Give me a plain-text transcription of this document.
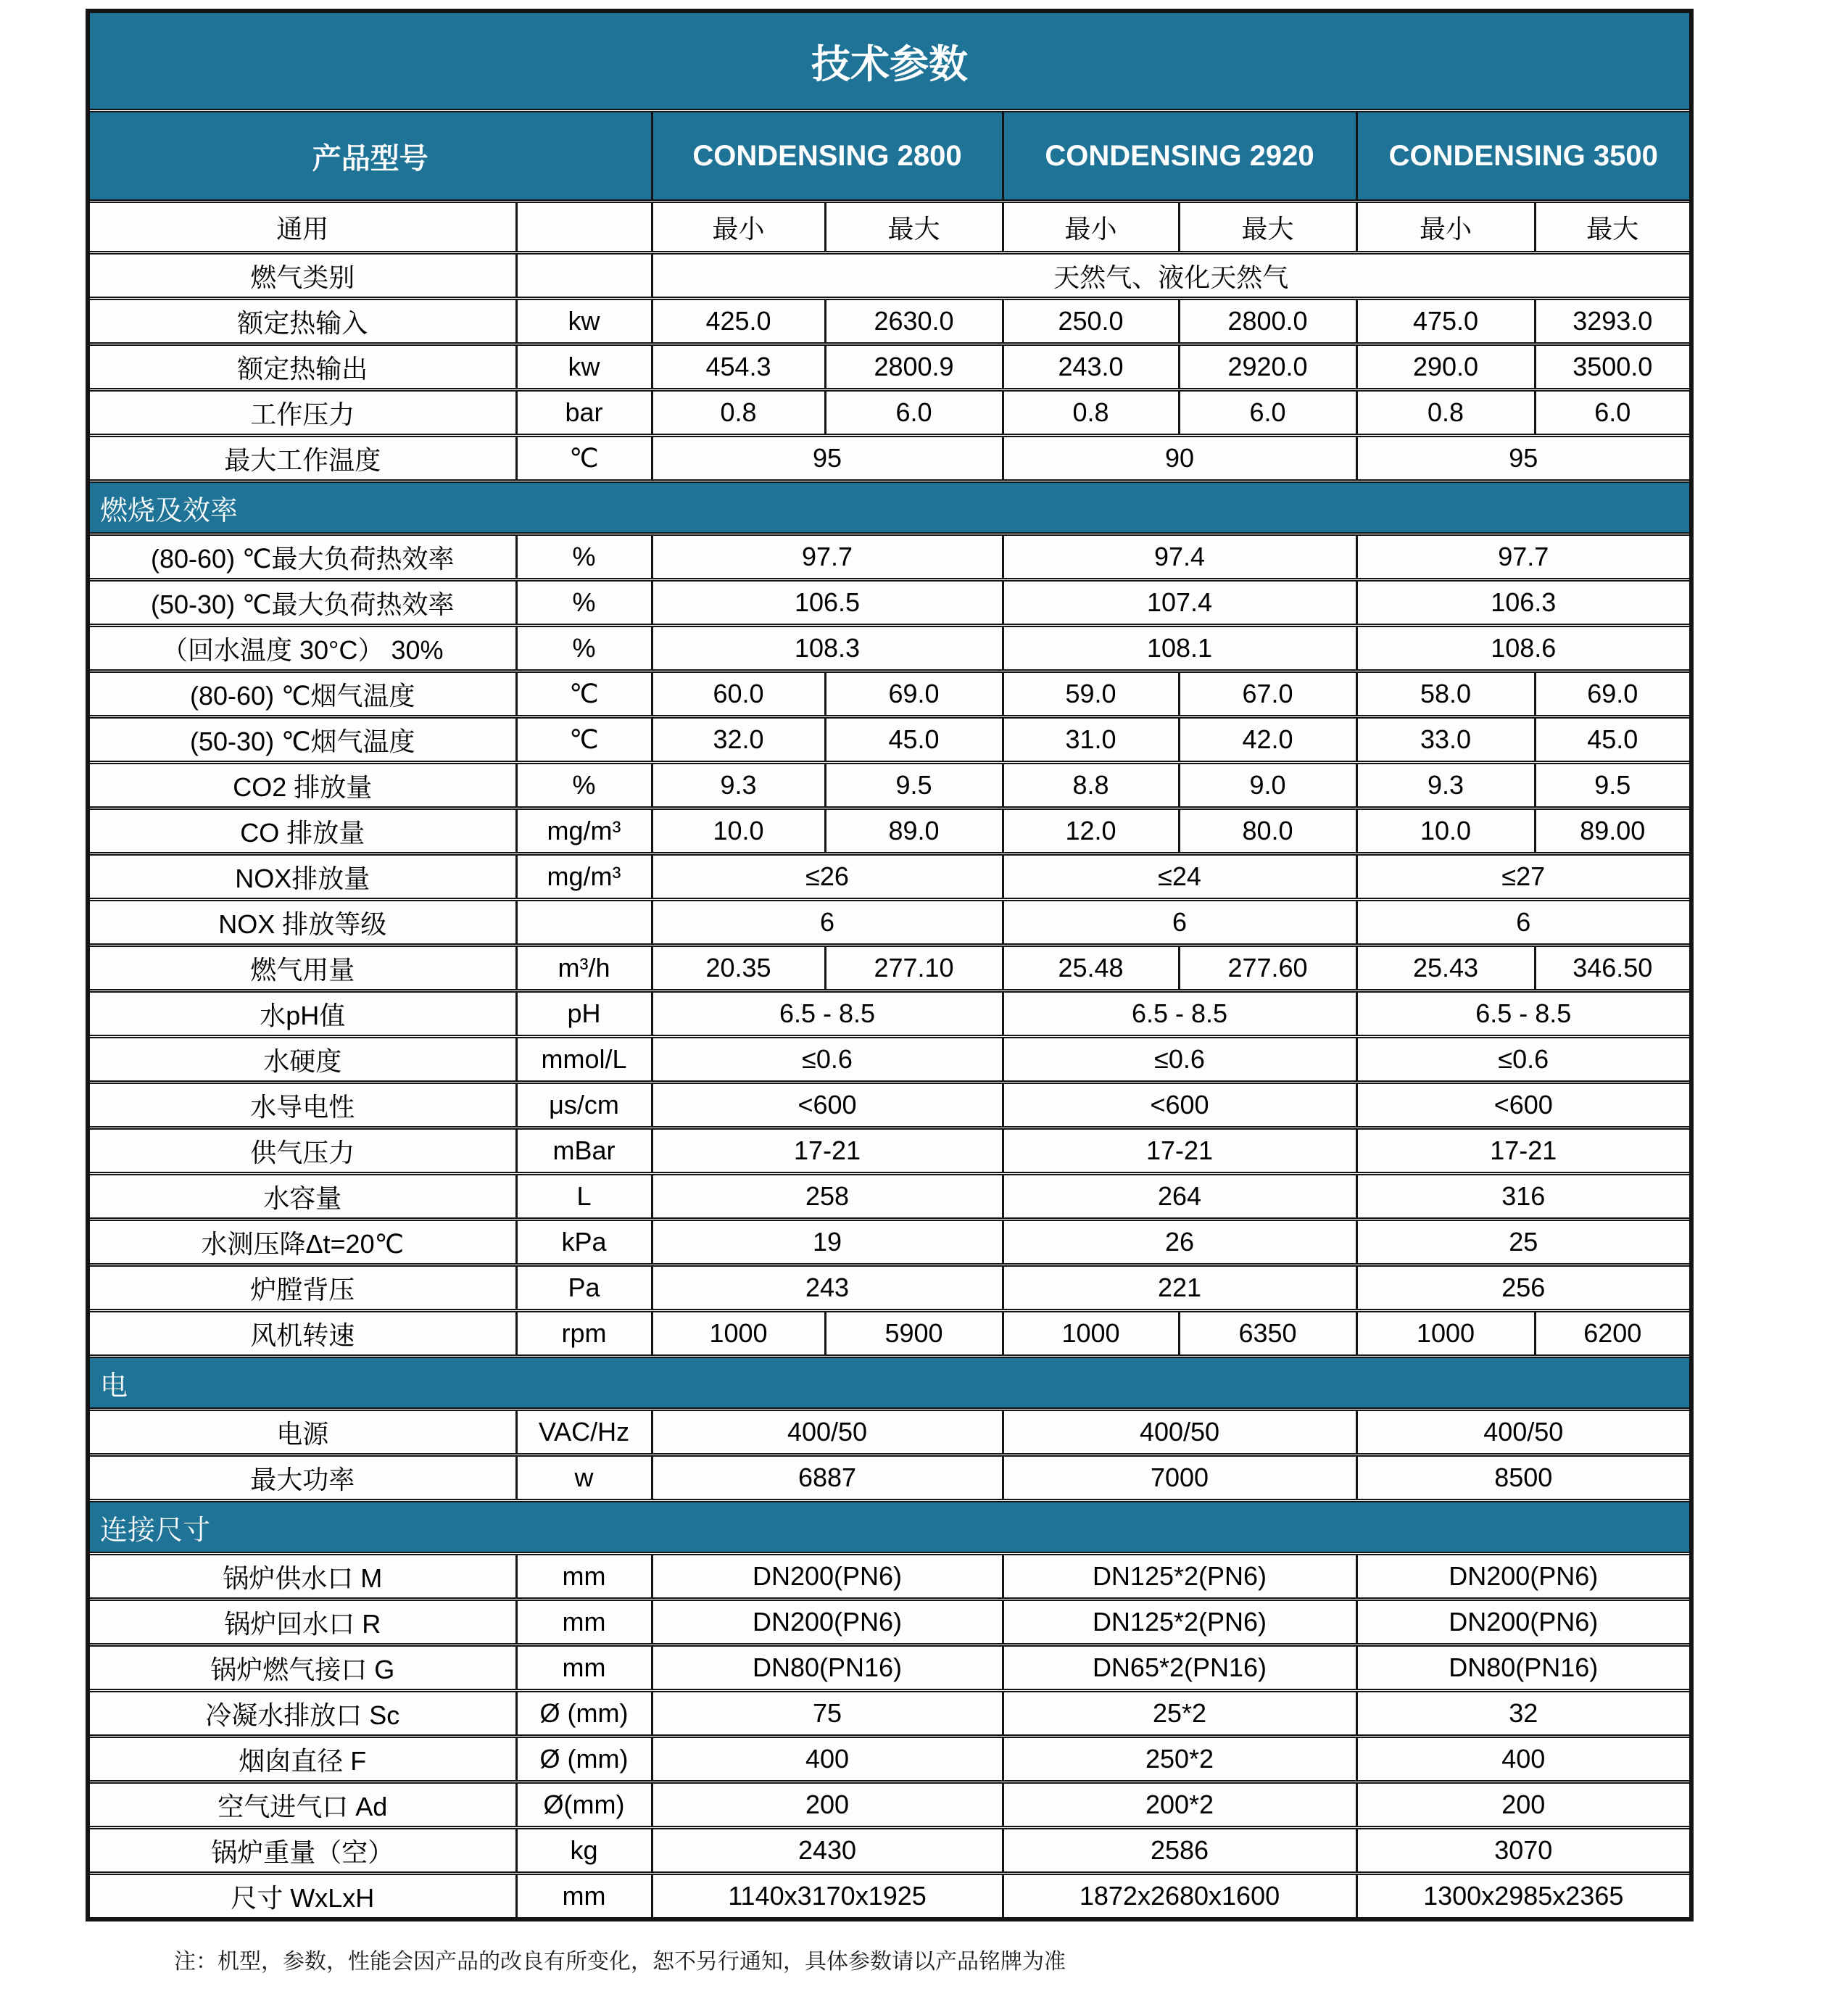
技术参数							
产品型号		CONDENSING 2800		CONDENSING 2920		CONDENSING 3500	
通用		最小	最大	最小	最大	最小	最大
燃气类别		天然气、液化天然气					
额定热输入	kw	425.0	2630.0	250.0	2800.0	475.0	3293.0
额定热输出	kw	454.3	2800.9	243.0	2920.0	290.0	3500.0
工作压力	bar	0.8	6.0	0.8	6.0	0.8	6.0
最大工作温度	℃	95		90		95	
燃烧及效率							
(80-60) ℃最大负荷热效率	%	97.7		97.4		97.7	
(50-30) ℃最大负荷热效率	%	106.5		107.4		106.3	
（回水温度 30°C） 30%	%	108.3		108.1		108.6	
(80-60) ℃烟气温度	℃	60.0	69.0	59.0	67.0	58.0	69.0
(50-30) ℃烟气温度	℃	32.0	45.0	31.0	42.0	33.0	45.0
CO2 排放量	%	9.3	9.5	8.8	9.0	9.3	9.5
CO 排放量	mg/m³	10.0	89.0	12.0	80.0	10.0	89.00
NOX排放量	mg/m³	≤26		≤24		≤27	
NOX 排放等级		6		6		6	
燃气用量	m³/h	20.35	277.10	25.48	277.60	25.43	346.50
水pH值	pH	6.5 - 8.5		6.5 - 8.5		6.5 - 8.5	
水硬度	mmol/L	≤0.6		≤0.6		≤0.6	
水导电性	μs/cm	<600		<600		<600	
供气压力	mBar	17-21		17-21		17-21	
水容量	L	258		264		316	
水测压降Δt=20℃	kPa	19		26		25	
炉膛背压	Pa	243		221		256	
风机转速	rpm	1000	5900	1000	6350	1000	6200
电							
电源	VAC/Hz	400/50		400/50		400/50	
最大功率	w	6887		7000		8500	
连接尺寸							
锅炉供水口 M	mm	DN200(PN6)		DN125*2(PN6)		DN200(PN6)	
锅炉回水口 R	mm	DN200(PN6)		DN125*2(PN6)		DN200(PN6)	
锅炉燃气接口 G	mm	DN80(PN16)		DN65*2(PN16)		DN80(PN16)	
冷凝水排放口 Sc	Ø (mm)	75		25*2		32	
烟囱直径 F	Ø (mm)	400		250*2		400	
空气进气口 Ad	Ø(mm)	200		200*2		200	
锅炉重量（空）	kg	2430		2586		3070	
尺寸 WxLxH	mm	1140x3170x1925		1872x2680x1600		1300x2985x2365	
注：机型，参数，性能会因产品的改良有所变化，恕不另行通知，具体参数请以产品铭牌为准
